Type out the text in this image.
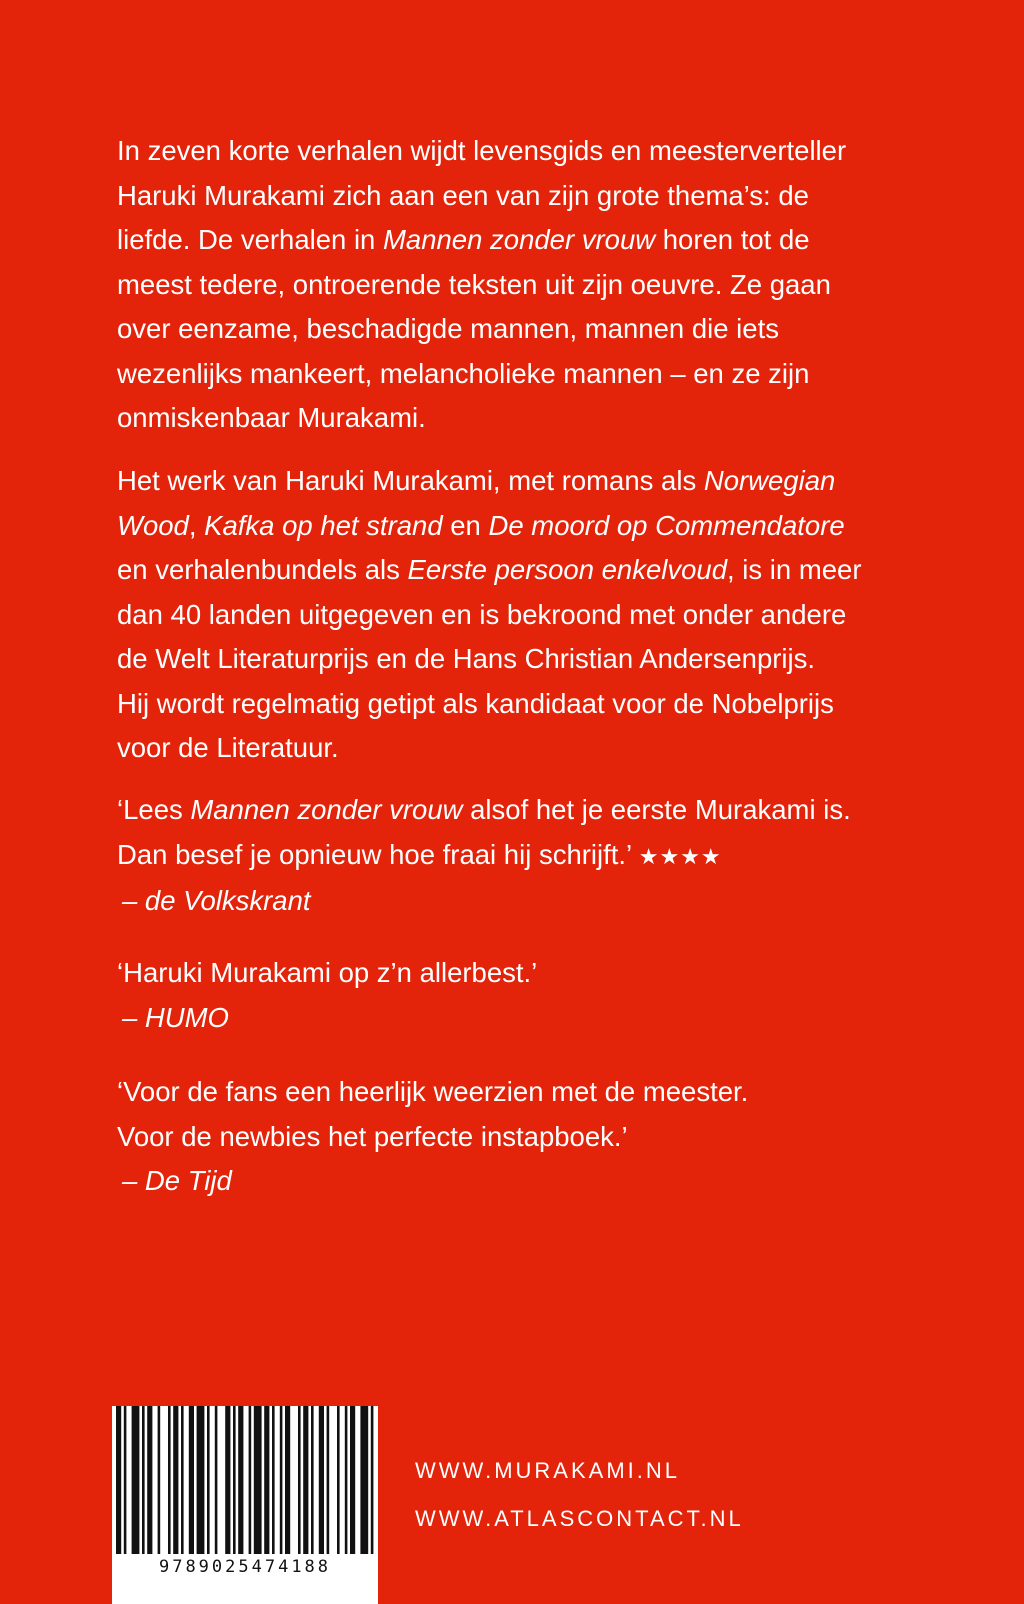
In zeven korte verhalen wijdt levensgids en meesterverteller
Haruki Murakami zich aan een van zijn grote thema’s: de
liefde. De verhalen in Mannen zonder vrouw horen tot de
meest tedere, ontroerende teksten uit zijn oeuvre. Ze gaan
over eenzame, beschadigde mannen, mannen die iets
wezenlijks mankeert, melancholieke mannen – en ze zijn
onmiskenbaar Murakami.
Het werk van Haruki Murakami, met romans als Norwegian
Wood, Kafka op het strand en De moord op Commendatore
en verhalenbundels als Eerste persoon enkelvoud, is in meer
dan 40 landen uitgegeven en is bekroond met onder andere
de Welt Literaturprijs en de Hans Christian Andersenprijs.
Hij wordt regelmatig getipt als kandidaat voor de Nobelprijs
voor de Literatuur.
‘Lees Mannen zonder vrouw alsof het je eerste Murakami is.
Dan besef je opnieuw hoe fraai hij schrijft.’ ★★★★
– de Volkskrant
‘Haruki Murakami op z’n allerbest.’
– HUMO
‘Voor de fans een heerlijk weerzien met de meester.
Voor de newbies het perfecte instapboek.’
– De Tijd
9789025474188
WWW.MURAKAMI.NL
WWW.ATLASCONTACT.NL
